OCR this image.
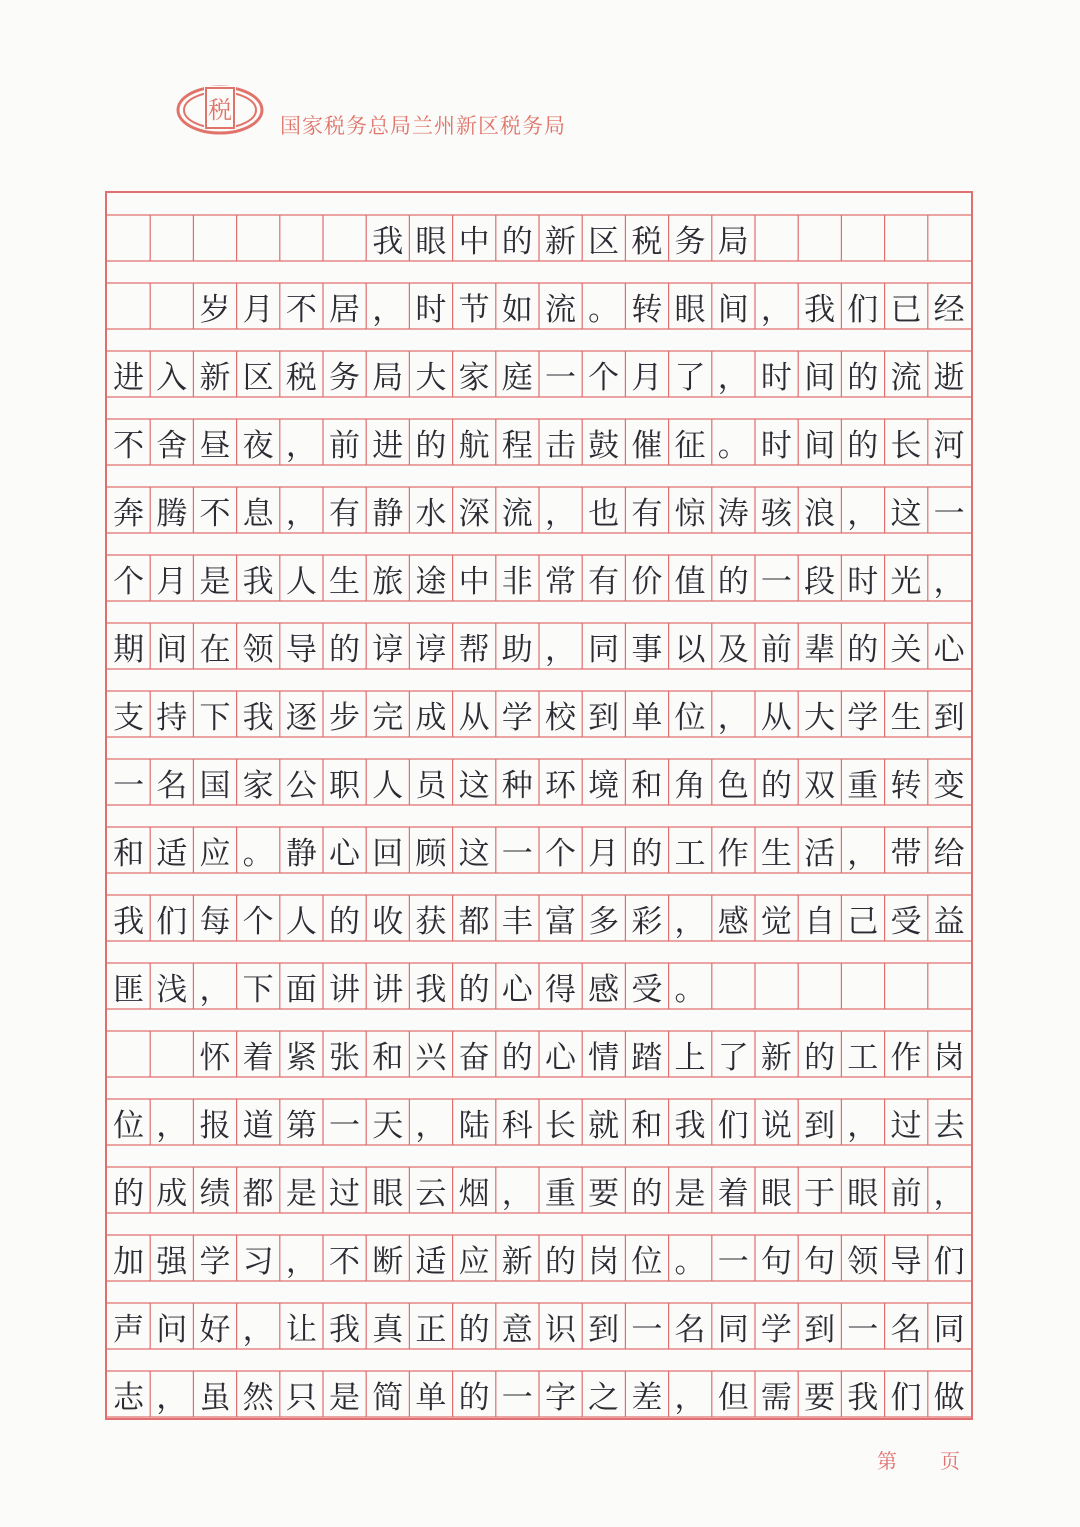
税
国家税务总局兰州新区税务局
我 眼 中 的 新 区 税 务 局
岁 月 不 居 ， 时 节 如 流 。 转 眼 间 ， 我 们 已 经
进 入 新 区 税 务 局 大 家 庭 一 个 月 了 ， 时 间 的 流 逝
不 舍 昼 夜 ， 前 进 的 航 程 击 鼓 催 征 。 时 间 的 长 河
奔 腾 不 息 ， 有 静 水 深 流 ， 也 有 惊 涛 骇 浪 ， 这 一
个 月 是 我 人 生 旅 途 中 非 常 有 价 值 的 一 段 时 光 ，
期 间 在 领 导 的 谆 谆 帮 助 ， 同 事 以 及 前 辈 的 关 心
支 持 下 我 逐 步 完 成 从 学 校 到 单 位 ， 从 大 学 生 到
一 名 国 家 公 职 人 员 这 种 环 境 和 角 色 的 双 重 转 变
和 适 应 。 静 心 回 顾 这 一 个 月 的 工 作 生 活 ， 带 给
我 们 每 个 人 的 收 获 都 丰 富 多 彩 ， 感 觉 自 己 受 益
匪 浅 ， 下 面 讲 讲 我 的 心 得 感 受 。
怀 着 紧 张 和 兴 奋 的 心 情 踏 上 了 新 的 工 作 岗
位 ， 报 道 第 一 天 ， 陆 科 长 就 和 我 们 说 到 ， 过 去
的 成 绩 都 是 过 眼 云 烟 ， 重 要 的 是 着 眼 于 眼 前 ，
加 强 学 习 ， 不 断 适 应 新 的 岗 位 。 一 句 句 领 导 们
声 问 好 ， 让 我 真 正 的 意 识 到 一 名 同 学 到 一 名 同
志 ， 虽 然 只 是 简 单 的 一 字 之 差 ， 但 需 要 我 们 做
第 页
